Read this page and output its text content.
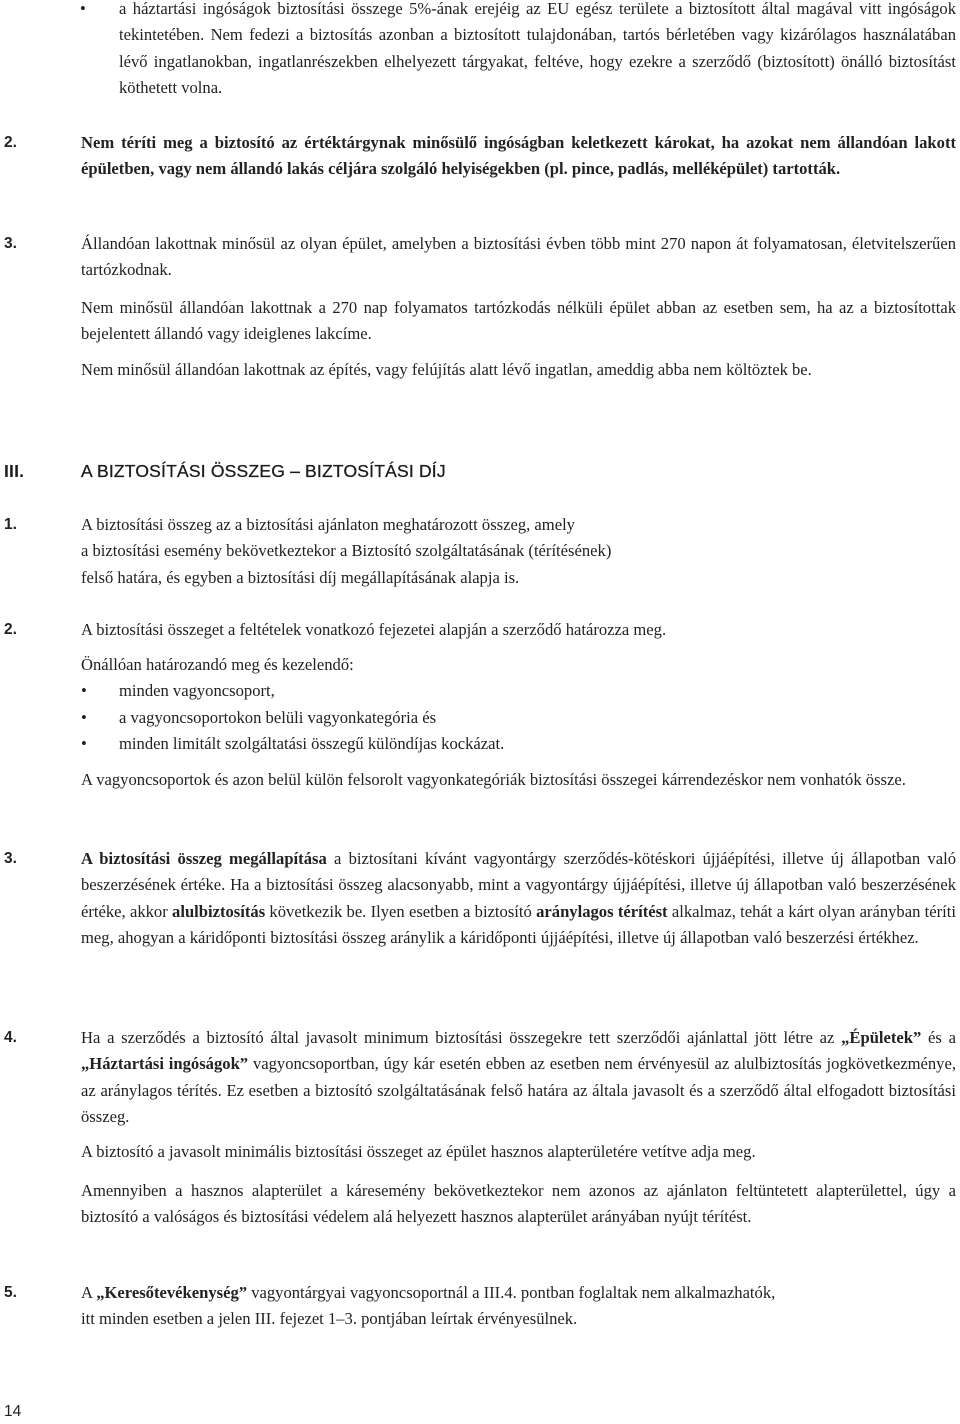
• a háztartási ingóságok biztosítási összege 5%-ának erejéig az EU egész területe a biztosított által magával vitt ingóságok tekintetében. Nem fedezi a biztosítás azonban a biztosított tulajdonában, tartós bérletében vagy kizárólagos használatában lévő ingatlanokban, ingatlanrészekben elhelyezett tárgyakat, feltéve, hogy ezekre a szerződő (biztosított) önálló biztosítást köthetett volna.

2.	Nem téríti meg a biztosító az értéktárgynak minősülő ingóságban keletkezett károkat, ha azokat nem állandóan lakott épületben, vagy nem állandó lakás céljára szolgáló helyiségekben (pl. pince, padlás, melléképület) tartották.

3.	Állandóan lakottnak minősül az olyan épület, amelyben a biztosítási évben több mint 270 napon át folyamatosan, életvitelszerűen tartózkodnak.

Nem minősül állandóan lakottnak a 270 nap folyamatos tartózkodás nélküli épület abban az esetben sem, ha az a biztosítottak bejelentett állandó vagy ideiglenes lakcíme.

Nem minősül állandóan lakottnak az építés, vagy felújítás alatt lévő ingatlan, ameddig abba nem költöztek be.

III.	A BIZTOSÍTÁSI ÖSSZEG – BIZTOSÍTÁSI DÍJ
1.	A biztosítási összeg az a biztosítási ajánlaton meghatározott összeg, amely

a biztosítási esemény bekövetkeztekor a Biztosító szolgáltatásának (térítésének)

felső határa, és egyben a biztosítási díj megállapításának alapja is.

2.	A biztosítási összeget a feltételek vonatkozó fejezetei alapján a szerződő határozza meg.

Önállóan határozandó meg és kezelendő:

• minden vagyoncsoport,
• a vagyoncsoportokon belüli vagyonkategória és
• minden limitált szolgáltatási összegű különdíjas kockázat.

A vagyoncsoportok és azon belül külön felsorolt vagyonkategóriák biztosítási összegei kárrendezéskor nem vonhatók össze.

3.	A biztosítási összeg megállapítása a biztosítani kívánt vagyontárgy szerződés-kötéskori újjáépítési, illetve új állapotban való beszerzésének értéke. Ha a biztosítási összeg alacsonyabb, mint a vagyontárgy újjáépítési, illetve új állapotban való beszerzésének értéke, akkor alulbiztosítás következik be. Ilyen esetben a biztosító aránylagos térítést alkalmaz, tehát a kárt olyan arányban téríti meg, ahogyan a káridőponti biztosítási összeg aránylik a káridőponti újjáépítési, illetve új állapotban való beszerzési értékhez.

4.	Ha a szerződés a biztosító által javasolt minimum biztosítási összegekre tett szerződői ajánlattal jött létre az „Épületek” és a „Háztartási ingóságok” vagyoncsoportban, úgy kár esetén ebben az esetben nem érvényesül az alulbiztosítás jogkövetkezménye, az aránylagos térítés. Ez esetben a biztosító szolgáltatásának felső határa az általa javasolt és a szerződő által elfogadott biztosítási összeg.

A biztosító a javasolt minimális biztosítási összeget az épület hasznos alapterületére vetítve adja meg.

Amennyiben a hasznos alapterület a káresemény bekövetkeztekor nem azonos az ajánlaton feltüntetett alapterülettel, úgy a biztosító a valóságos és biztosítási védelem alá helyezett hasznos alapterület arányában nyújt térítést.

5.	A „Keresőtevékenység” vagyontárgyai vagyoncsoportnál a III.4. pontban foglaltak nem alkalmazhatók,

itt minden esetben a jelen III. fejezet 1–3. pontjában leírtak érvényesülnek.

14
